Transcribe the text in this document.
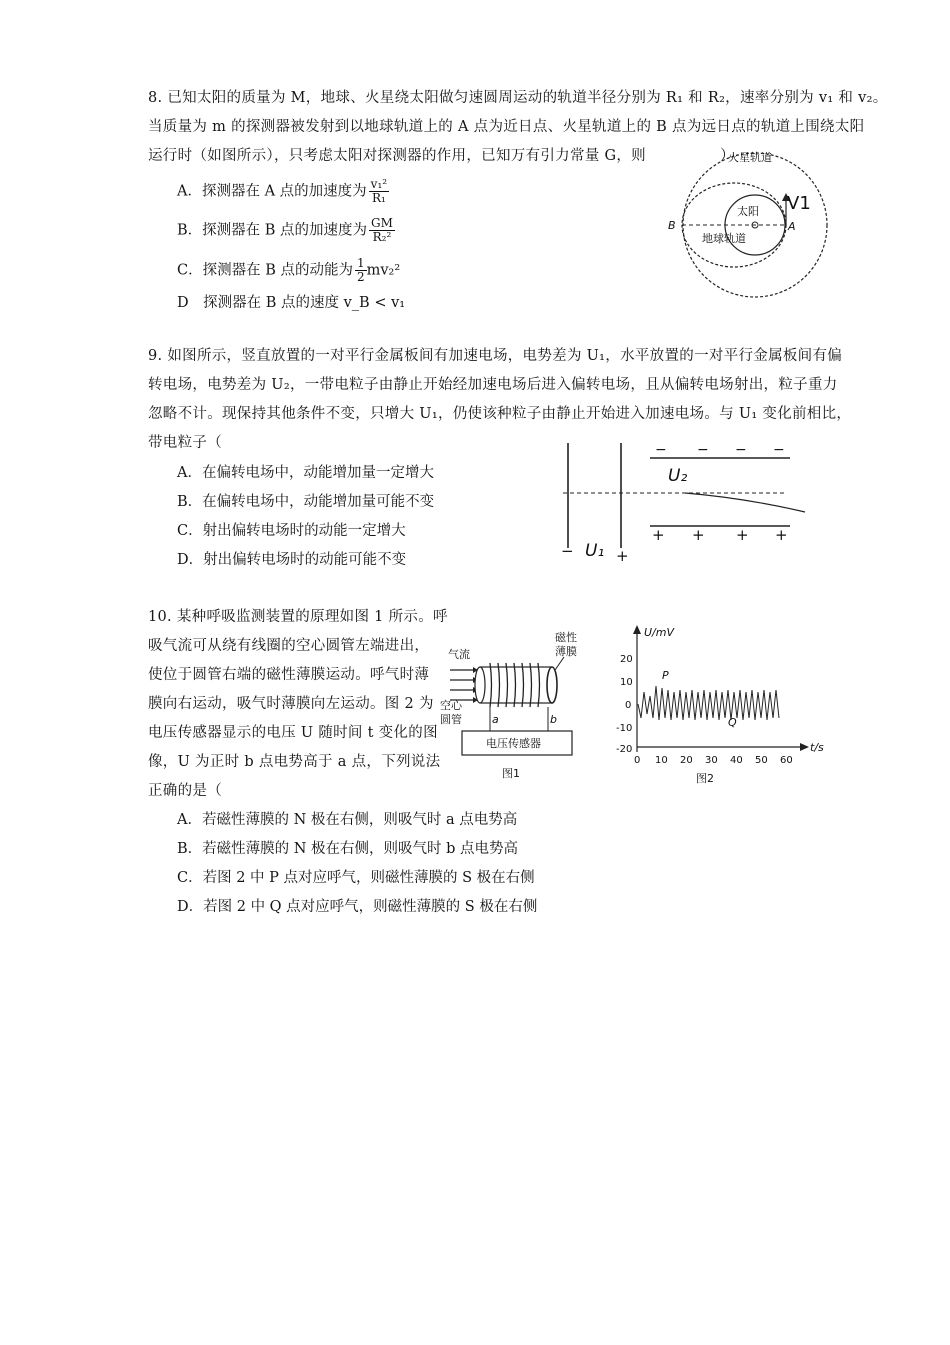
8. 已知太阳的质量为 M，地球、火星绕太阳做匀速圆周运动的轨道半径分别为 R₁ 和 R₂，速率分别为 v₁ 和 v₂。
当质量为 m 的探测器被发射到以地球轨道上的 A 点为近日点、火星轨道上的 B 点为远日点的轨道上围绕太阳
运行时（如图所示），只考虑太阳对探测器的作用，已知万有引力常量 G，则　　　　　）
A．探测器在 A 点的加速度为 $\frac{\text{v₁²}}{\text{R₁}}$
B．探测器在 B 点的加速度为 $\frac{GM}{\text{R₂²}}$
C．探测器在 B 点的动能为 $\frac{1}{2} mv_2^2$
D　探测器在 B 点的速度 v_B < v₁
火星轨道
太阳
地球轨道
B	A
V1
9. 如图所示，竖直放置的一对平行金属板间有加速电场，电势差为 U₁，水平放置的一对平行金属板间有偏
转电场，电势差为 U₂，一带电粒子由静止开始经加速电场后进入偏转电场，且从偏转电场射出，粒子重力
忽略不计。现保持其他条件不变，只增大 U₁，仍使该种粒子由静止开始进入加速电场。与 U₁ 变化前相比，
带电粒子（
A．在偏转电场中，动能增加量一定增大
B．在偏转电场中，动能增加量可能不变
C．射出偏转电场时的动能一定增大
D．射出偏转电场时的动能可能不变
− − − −
+ + + +
−	+
U₁
U₂
10. 某种呼吸监测装置的原理如图 1 所示。呼
吸气流可从绕有线圈的空心圆管左端进出，
使位于圆管右端的磁性薄膜运动。呼气时薄
膜向右运动，吸气时薄膜向左运动。图 2 为
电压传感器显示的电压 U 随时间 t 变化的图
像，U 为正时 b 点电势高于 a 点，下列说法
正确的是（
A．若磁性薄膜的 N 极在右侧，则吸气时 a 点电势高
B．若磁性薄膜的 N 极在右侧，则吸气时 b 点电势高
C．若图 2 中 P 点对应呼气，则磁性薄膜的 S 极在右侧
D．若图 2 中 Q 点对应呼气，则磁性薄膜的 S 极在右侧
气流
磁性
薄膜
a	b
空心
圆管
电压传感器
图1
U/mV
t/s
20
10
0
-10
-20
0 10 20 30 40 50 60
P
Q
图2
